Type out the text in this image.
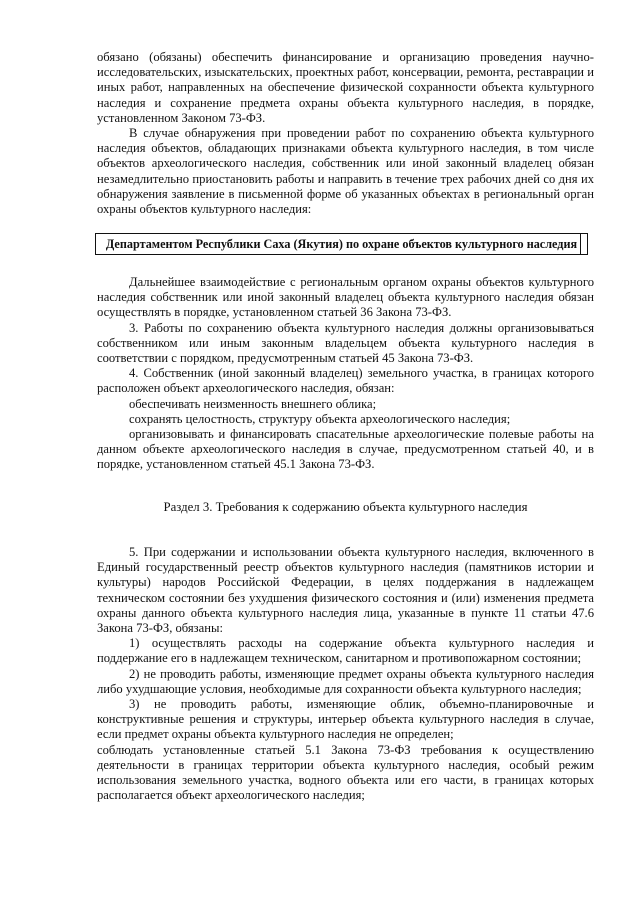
обязано (обязаны) обеспечить финансирование и организацию проведения научно-исследовательских, изыскательских, проектных работ, консервации, ремонта, реставрации и иных работ, направленных на обеспечение физической сохранности объекта культурного наследия и сохранение предмета охраны объекта культурного наследия, в порядке, установленном Законом 73-ФЗ.

В случае обнаружения при проведении работ по сохранению объекта культурного наследия объектов, обладающих признаками объекта культурного наследия, в том числе объектов археологического наследия, собственник или иной законный владелец обязан незамедлительно приостановить работы и направить в течение трех рабочих дней со дня их обнаружения заявление в письменной форме об указанных объектах в региональный орган охраны объектов культурного наследия:

Департаментом Республики Саха (Якутия) по охране объектов культурного наследия

Дальнейшее взаимодействие с региональным органом охраны объектов культурного наследия собственник или иной законный владелец объекта культурного наследия обязан осуществлять в порядке, установленном статьей 36 Закона 73-ФЗ.

3. Работы по сохранению объекта культурного наследия должны организовываться собственником или иным законным владельцем объекта культурного наследия в соответствии с порядком, предусмотренным статьей 45 Закона 73-ФЗ.

4. Собственник (иной законный владелец) земельного участка, в границах которого расположен объект археологического наследия, обязан:

обеспечивать неизменность внешнего облика;

сохранять целостность, структуру объекта археологического наследия;

организовывать и финансировать спасательные археологические полевые работы на данном объекте археологического наследия в случае, предусмотренном статьей 40, и в порядке, установленном статьей 45.1 Закона 73-ФЗ.

Раздел 3. Требования к содержанию объекта культурного наследия

5. При содержании и использовании объекта культурного наследия, включенного в Единый государственный реестр объектов культурного наследия (памятников истории и культуры) народов Российской Федерации, в целях поддержания в надлежащем техническом состоянии без ухудшения физического состояния и (или) изменения предмета охраны данного объекта культурного наследия лица, указанные в пункте 11 статьи 47.6 Закона 73-ФЗ, обязаны:

1) осуществлять расходы на содержание объекта культурного наследия и поддержание его в надлежащем техническом, санитарном и противопожарном состоянии;

2) не проводить работы, изменяющие предмет охраны объекта культурного наследия либо ухудшающие условия, необходимые для сохранности объекта культурного наследия;

3) не проводить работы, изменяющие облик, объемно-планировочные и конструктивные решения и структуры, интерьер объекта культурного наследия в случае, если предмет охраны объекта культурного наследия не определен;

соблюдать установленные статьей 5.1 Закона 73-ФЗ требования к осуществлению деятельности в границах территории объекта культурного наследия, особый режим использования земельного участка, водного объекта или его части, в границах которых располагается объект археологического наследия;
